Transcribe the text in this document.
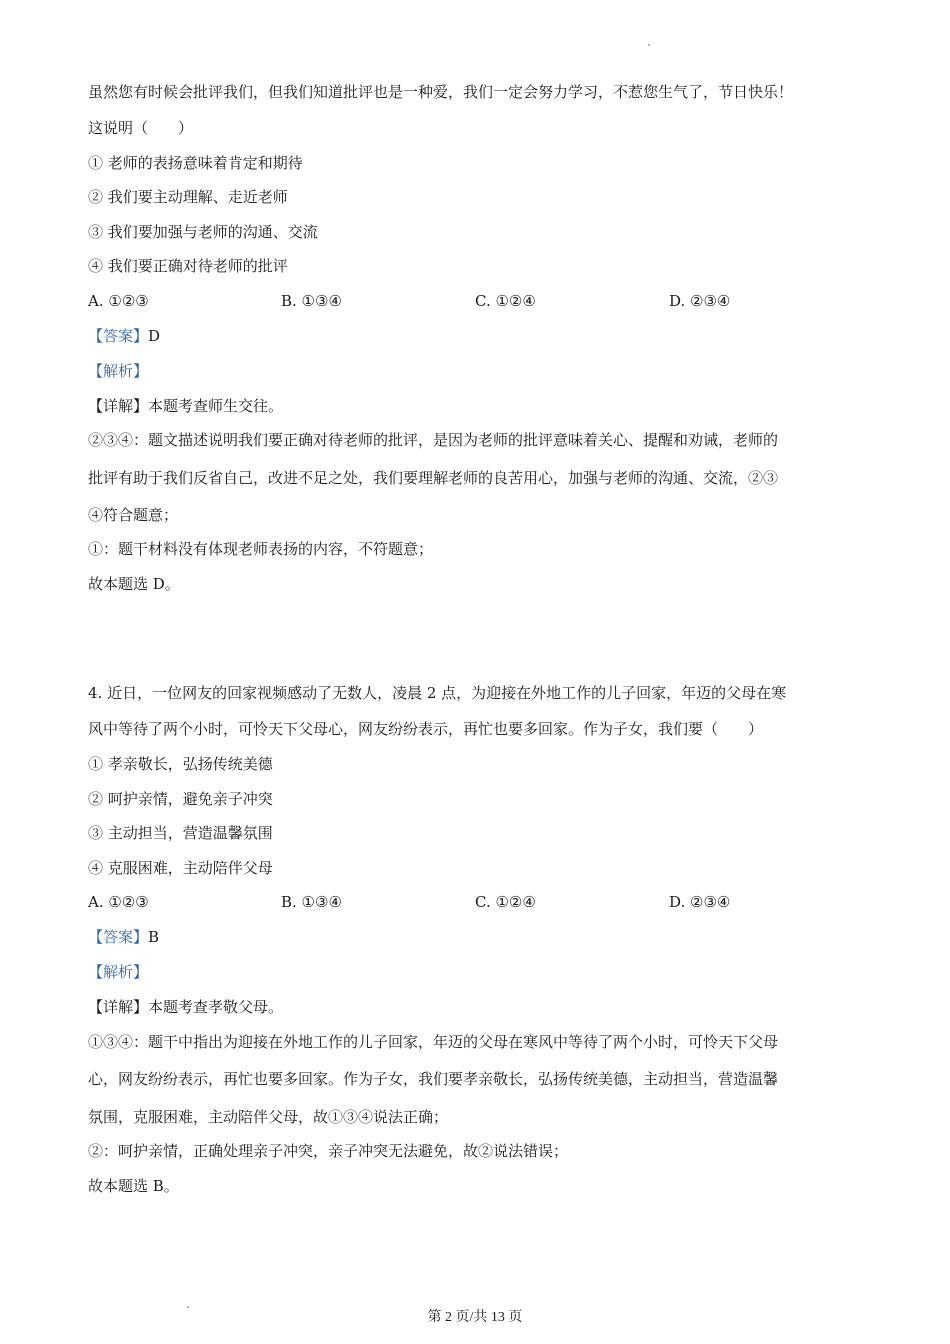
虽然您有时候会批评我们，但我们知道批评也是一种爱，我们一定会努力学习，不惹您生气了，节日快乐！
这说明（　　）
① 老师的表扬意味着肯定和期待
② 我们要主动理解、走近老师
③ 我们要加强与老师的沟通、交流
④ 我们要正确对待老师的批评
A. ①②③	B. ①③④	C. ①②④	D. ②③④
【答案】D
【解析】
【详解】本题考查师生交往。
②③④：题文描述说明我们要正确对待老师的批评，是因为老师的批评意味着关心、提醒和劝诫，老师的
批评有助于我们反省自己，改进不足之处，我们要理解老师的良苦用心，加强与老师的沟通、交流，②③
④符合题意；
①：题干材料没有体现老师表扬的内容，不符题意；
故本题选 D。
4. 近日，一位网友的回家视频感动了无数人，凌晨 2 点，为迎接在外地工作的儿子回家，年迈的父母在寒
风中等待了两个小时，可怜天下父母心，网友纷纷表示，再忙也要多回家。作为子女，我们要（　　）
① 孝亲敬长，弘扬传统美德
② 呵护亲情，避免亲子冲突
③ 主动担当，营造温馨氛围
④ 克服困难，主动陪伴父母
A. ①②③	B. ①③④	C. ①②④	D. ②③④
【答案】B
【解析】
【详解】本题考查孝敬父母。
①③④：题干中指出为迎接在外地工作的儿子回家，年迈的父母在寒风中等待了两个小时，可怜天下父母
心，网友纷纷表示，再忙也要多回家。作为子女，我们要孝亲敬长，弘扬传统美德，主动担当，营造温馨
氛围，克服困难，主动陪伴父母，故①③④说法正确；
②：呵护亲情，正确处理亲子冲突，亲子冲突无法避免，故②说法错误；
故本题选 B。
第 2 页/共 13 页
